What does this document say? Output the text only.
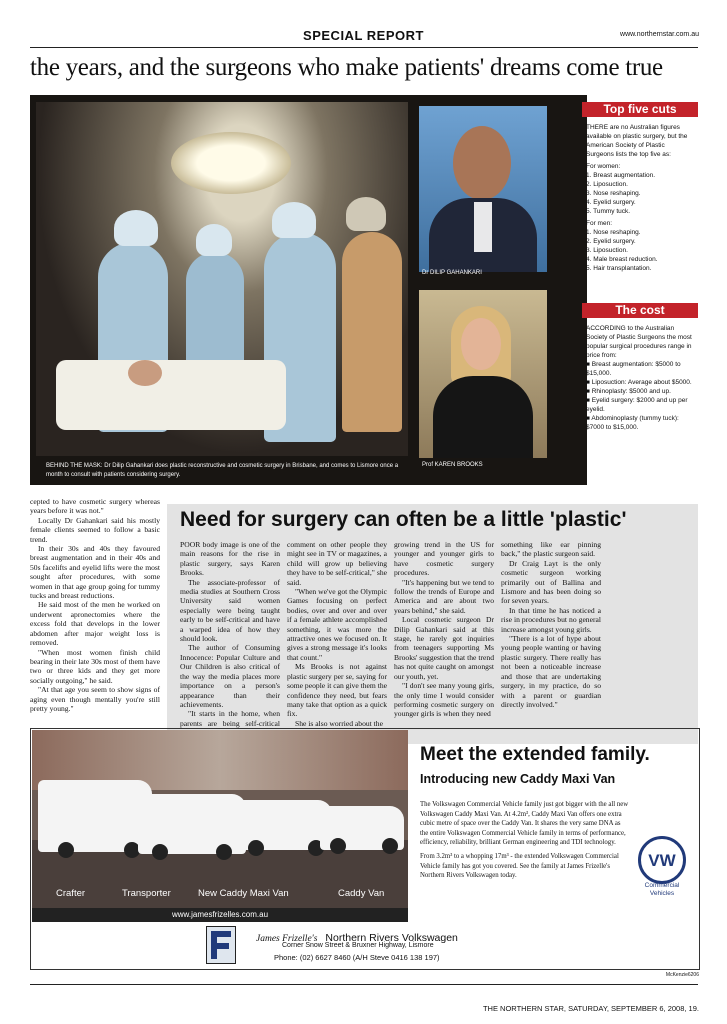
SPECIAL REPORT	www.northernstar.com.au
the years, and the surgeons who make patients' dreams come true
BEHIND THE MASK: Dr Dilip Gahankari does plastic reconstructive and cosmetic surgery in Brisbane, and comes to Lismore once a month to consult with patients considering surgery.
Dr DILIP GAHANKARI
Prof KAREN BROOKS
Top five cuts

THERE are no Australian figures available on plastic surgery, but the American Society of Plastic Surgeons lists the top five as:

For women:

1. Breast augmentation.
2. Liposuction.
3. Nose reshaping.
4. Eyelid surgery.
5. Tummy tuck.

For men:

1. Nose reshaping.
2. Eyelid surgery.
3. Liposuction.
4. Male breast reduction.
5. Hair transplantation.
The cost

ACCORDING to the Australian Society of Plastic Surgeons the most popular surgical procedures range in price from:

■ Breast augmentation: $5000 to $15,000.

■ Liposuction: Average about $5000.

■ Rhinoplasty: $5000 and up.

■ Eyelid surgery: $2000 and up per eyelid.

■ Abdominoplasty (tummy tuck): $7000 to $15,000.

cepted to have cosmetic surgery whereas years before it was not."

Locally Dr Gahankari said his mostly female clients seemed to follow a basic trend.

In their 30s and 40s they favoured breast augmentation and in their 40s and 50s facelifts and eyelid lifts were the most sought after procedures, with some women in that age group going for tummy tucks and breast reductions.

He said most of the men he worked on underwent apronectomies where the excess fold that develops in the lower abdomen after major weight loss is removed.

"When most women finish child bearing in their late 30s most of them have two or three kids and they get more socially outgoing," he said.

"At that age you seem to show signs of aging even though mentally you're still pretty young."

Need for surgery can often be a little 'plastic'

POOR body image is one of the main reasons for the rise in plastic surgery, says Karen Brooks.

The associate-professor of media studies at Southern Cross University said women especially were being taught early to be self-critical and have a warped idea of how they should look.

The author of Consuming Innocence: Popular Culture and Our Children is also critical of the way the media places more importance on a person's appearance than their achievements.

"It starts in the home, when parents are being self-critical

comment on other people they might see in TV or magazines, a child will grow up believing they have to be self-critical," she said.

"When we've got the Olympic Games focusing on perfect bodies, over and over and over if a female athlete accomplished something, it was more the attractive ones we focused on. It gives a strong message it's looks that count."

Ms Brooks is not against plastic surgery per se, saying for some people it can give them the confidence they need, but fears many take that option as a quick fix.

She is also worried about the

growing trend in the US for younger and younger girls to have cosmetic surgery procedures.

"It's happening but we tend to follow the trends of Europe and America and are about two years behind," she said.

Local cosmetic surgeon Dr Dilip Gahankari said at this stage, he rarely got inquiries from teenagers supporting Ms Brooks' suggestion that the trend has not quite caught on amongst our youth, yet.

"I don't see many young girls, the only time I would consider performing cosmetic surgery on younger girls is when they need

something like ear pinning back," the plastic surgeon said.

Dr Craig Layt is the only cosmetic surgeon working primarily out of Ballina and Lismore and has been doing so for seven years.

In that time he has noticed a rise in procedures but no general increase amongst young girls.

"There is a lot of hype about young people wanting or having plastic surgery. There really has not been a noticeable increase and those that are undertaking surgery, in my practice, do so with a parent or guardian directly involved."

Crafter	Transporter	New Caddy Maxi Van	Caddy Van
www.jamesfrizelles.com.au
Meet the extended family.
Introducing new Caddy Maxi Van

The Volkswagen Commercial Vehicle family just got bigger with the all new Volkswagen Caddy Maxi Van. At 4.2m³, Caddy Maxi Van offers one extra cubic metre of space over the Caddy Van. It shares the very same DNA as the entire Volkswagen Commercial Vehicle family in terms of performance, efficiency, reliability, brilliant German engineering and TDI technology.

From 3.2m³ to a whopping 17m³ - the extended Volkswagen Commercial Vehicle family has got you covered. See the family at James Frizelle's Northern Rivers Volkswagen today.

VW
Commercial
Vehicles
James Frizelle's Northern Rivers Volkswagen
Corner Snow Street & Bruxner Highway, Lismore
Phone: (02) 6627 8460 (A/H Steve 0416 138 197)
McKenzie6206
THE NORTHERN STAR, SATURDAY, SEPTEMBER 6, 2008, 19.
